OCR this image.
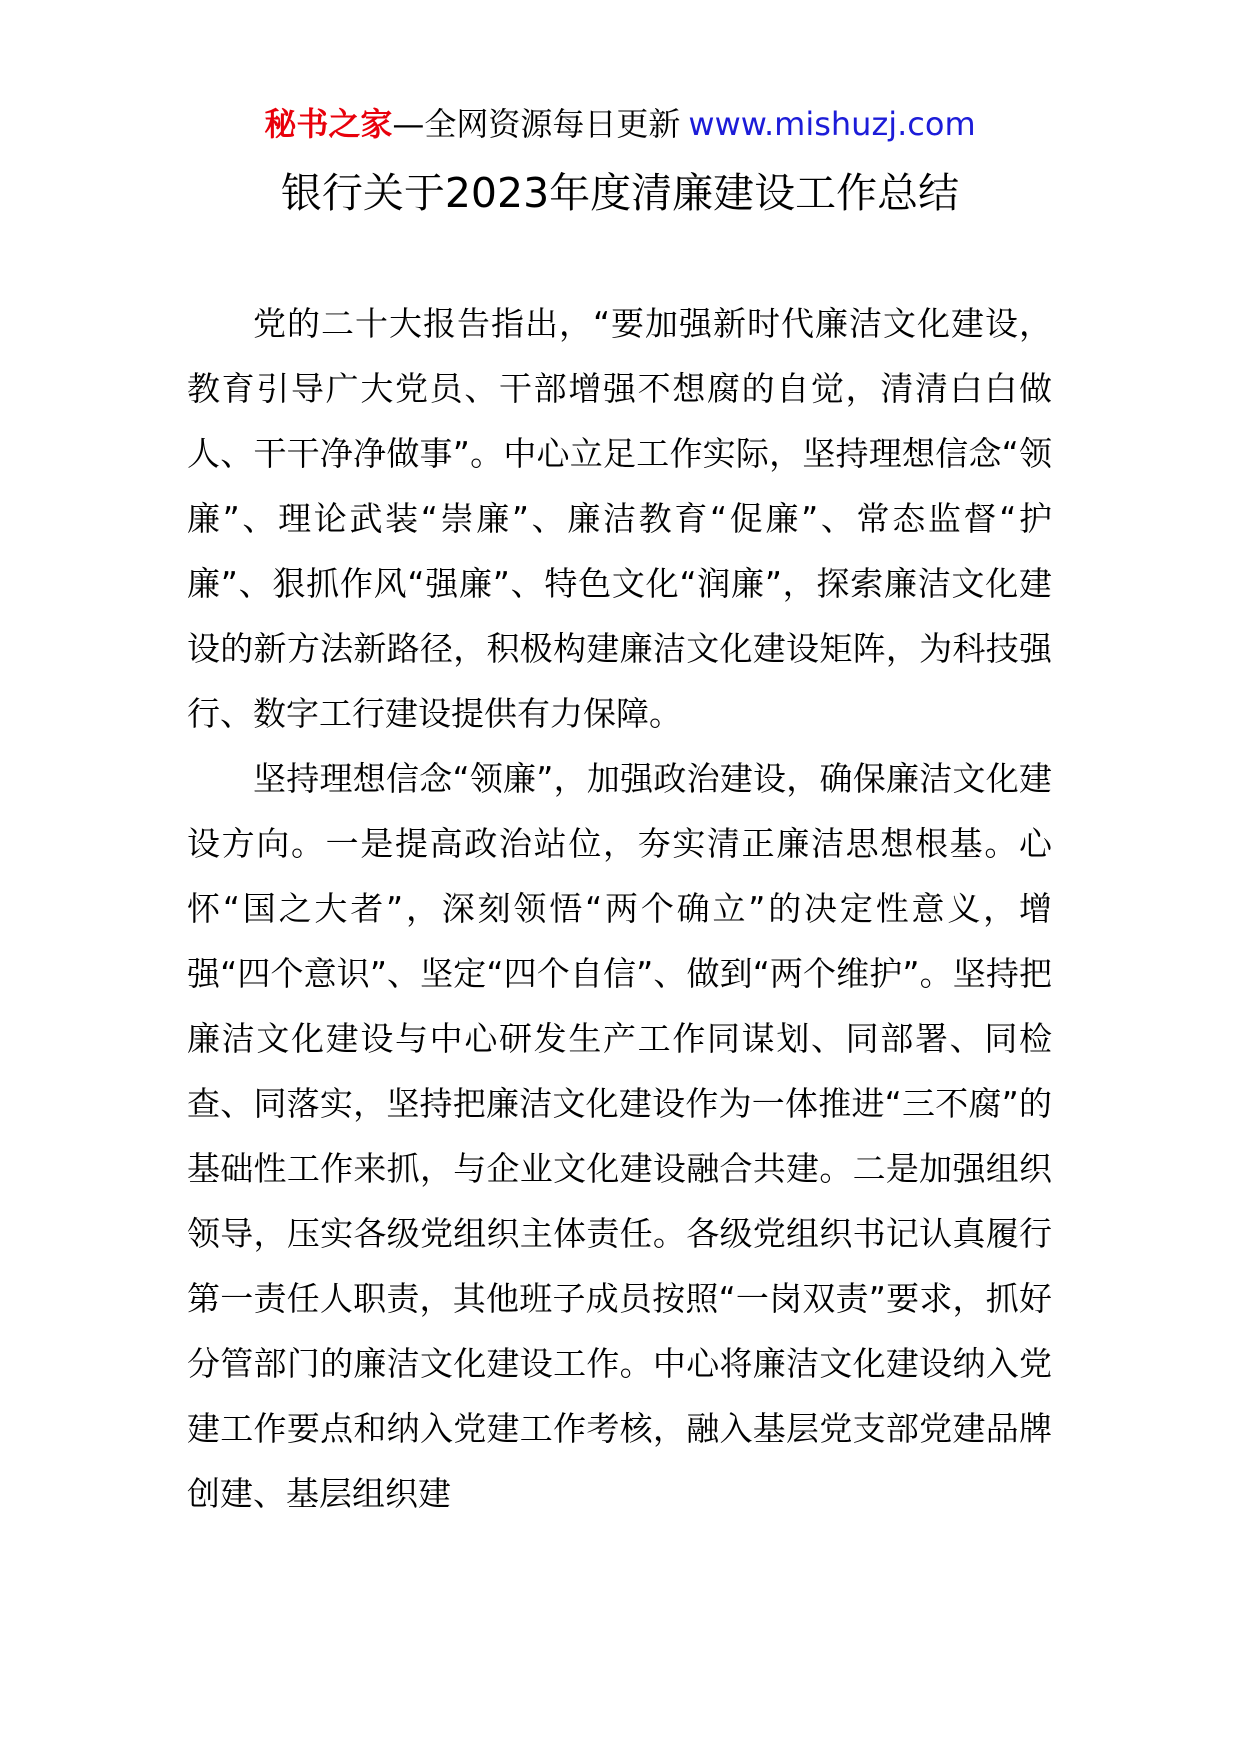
秘书之家—全网资源每日更新 www.mishuzj.com
银行关于2023年度清廉建设工作总结

党的二十大报告指出，“要加强新时代廉洁文化建设，教育引导广大党员、干部增强不想腐的自觉，清清白白做人、干干净净做事”。中心立足工作实际，坚持理想信念“领廉”、理论武装“崇廉”、廉洁教育“促廉”、常态监督“护廉”、狠抓作风“强廉”、特色文化“润廉”，探索廉洁文化建设的新方法新路径，积极构建廉洁文化建设矩阵，为科技强行、数字工行建设提供有力保障。

坚持理想信念“领廉”，加强政治建设，确保廉洁文化建设方向。一是提高政治站位，夯实清正廉洁思想根基。心怀“国之大者”，深刻领悟“两个确立”的决定性意义，增强“四个意识”、坚定“四个自信”、做到“两个维护”。坚持把廉洁文化建设与中心研发生产工作同谋划、同部署、同检查、同落实，坚持把廉洁文化建设作为一体推进“三不腐”的基础性工作来抓，与企业文化建设融合共建。二是加强组织领导，压实各级党组织主体责任。各级党组织书记认真履行第一责任人职责，其他班子成员按照“一岗双责”要求，抓好分管部门的廉洁文化建设工作。中心将廉洁文化建设纳入党建工作要点和纳入党建工作考核，融入基层党支部党建品牌创建、基层组织建
